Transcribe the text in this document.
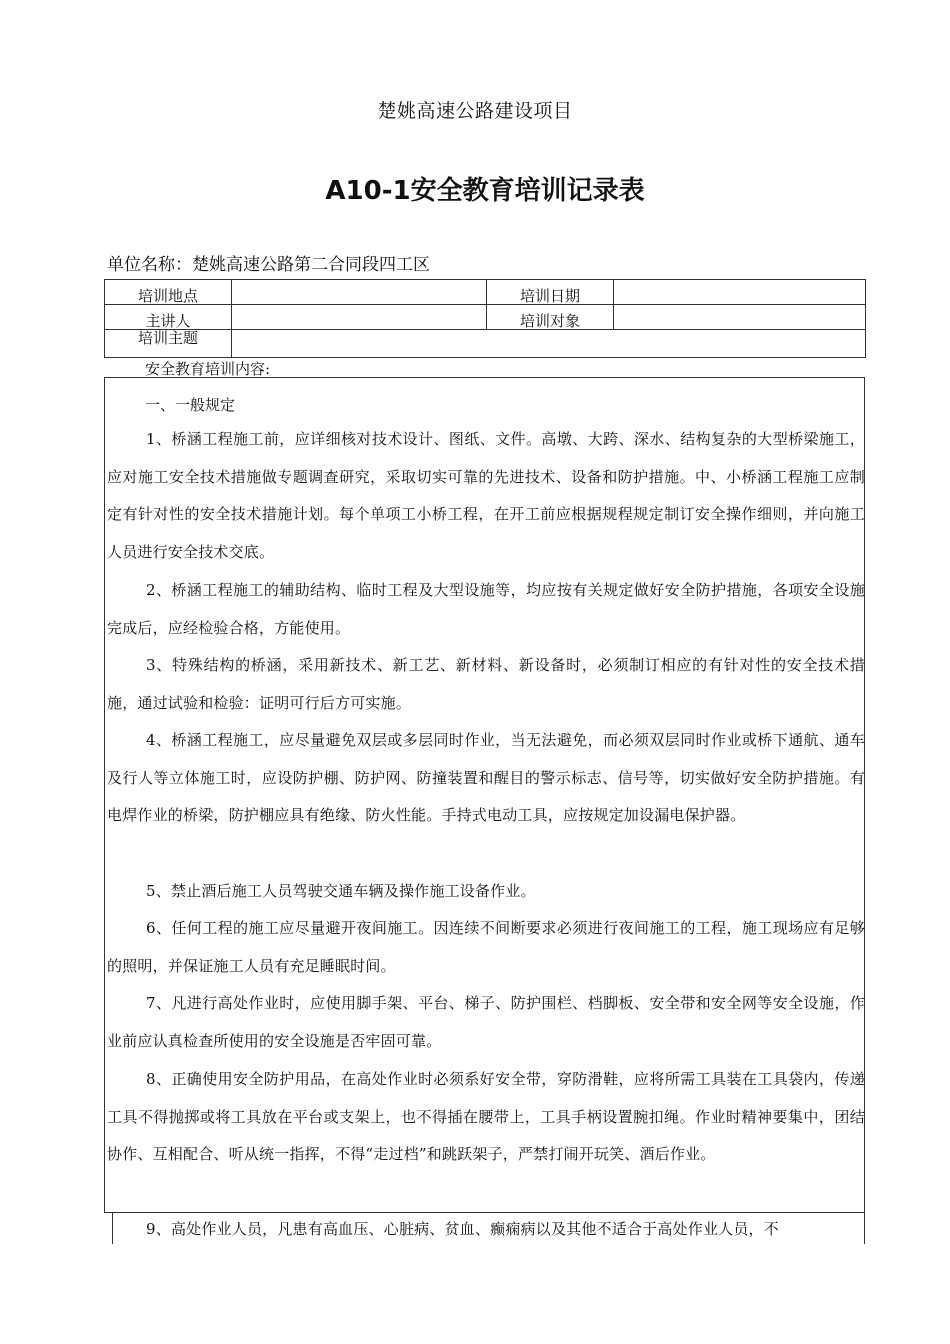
楚姚高速公路建设项目
A10-1安全教育培训记录表
单位名称：楚姚高速公路第二合同段四工区
培训地点		培训日期	
主讲人		培训对象	
培训主题			
安全教育培训内容:
一、一般规定
1、桥涵工程施工前，应详细核对技术设计、图纸、文件。高墩、大跨、深水、结构复杂的大型桥梁施工，应对施工安全技术措施做专题调查研究，采取切实可靠的先进技术、设备和防护措施。中、小桥涵工程施工应制定有针对性的安全技术措施计划。每个单项工小桥工程，在开工前应根据规程规定制订安全操作细则，并向施工人员进行安全技术交底。
2、桥涵工程施工的辅助结构、临时工程及大型设施等，均应按有关规定做好安全防护措施，各项安全设施完成后，应经检验合格，方能使用。
3、特殊结构的桥涵，采用新技术、新工艺、新材料、新设备时，必须制订相应的有针对性的安全技术措施，通过试验和检验：证明可行后方可实施。
4、桥涵工程施工，应尽量避免双层或多层同时作业，当无法避免，而必须双层同时作业或桥下通航、通车及行人等立体施工时，应设防护棚、防护网、防撞装置和醒目的警示标志、信号等，切实做好安全防护措施。有电焊作业的桥梁，防护棚应具有绝缘、防火性能。手持式电动工具，应按规定加设漏电保护器。
5、禁止酒后施工人员驾驶交通车辆及操作施工设备作业。
6、任何工程的施工应尽量避开夜间施工。因连续不间断要求必须进行夜间施工的工程，施工现场应有足够的照明，并保证施工人员有充足睡眠时间。
7、凡进行高处作业时，应使用脚手架、平台、梯子、防护围栏、档脚板、安全带和安全网等安全设施，作业前应认真检查所使用的安全设施是否牢固可靠。
8、正确使用安全防护用品，在高处作业时必须系好安全带，穿防滑鞋，应将所需工具装在工具袋内，传递工具不得抛掷或将工具放在平台或支架上，也不得插在腰带上，工具手柄设置腕扣绳。作业时精神要集中，团结协作、互相配合、听从统一指挥，不得“走过档”和跳跃架子，严禁打闹开玩笑、酒后作业。
9、高处作业人员，凡患有高血压、心脏病、贫血、癫痫病以及其他不适合于高处作业人员，不
